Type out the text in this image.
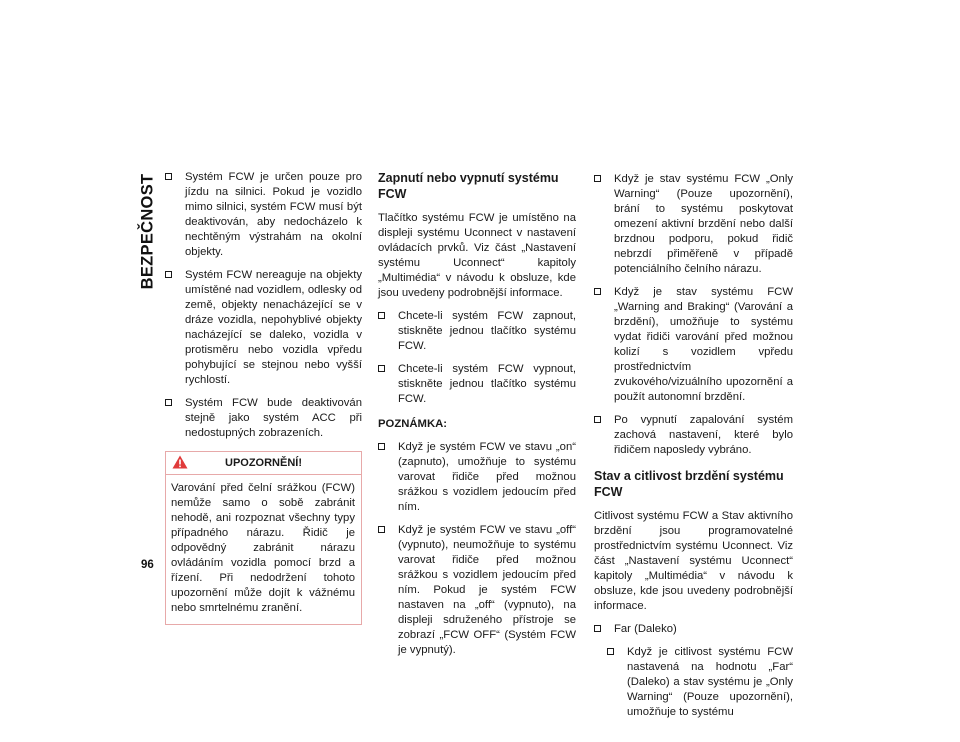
BEZPEČNOST
96
Systém FCW je určen pouze pro jízdu na silnici. Pokud je vozidlo mimo silnici, systém FCW musí být deaktivován, aby nedocházelo k nechtěným výstrahám na okolní objekty.
Systém FCW nereaguje na objekty umístěné nad vozidlem, odlesky od země, objekty nenacházející se v dráze vozidla, nepohyblivé objekty nacházející se daleko, vozidla v protisměru nebo vozidla vpředu pohybující se stejnou nebo vyšší rychlostí.
Systém FCW bude deaktivován stejně jako systém ACC při nedostupných zobrazeních.
UPOZORNĚNÍ!
Varování před čelní srážkou (FCW) nemůže samo o sobě zabránit nehodě, ani rozpoznat všechny typy případného nárazu. Řidič je odpovědný zabránit nárazu ovládáním vozidla pomocí brzd a řízení. Při nedodržení tohoto upozornění může dojít k vážnému nebo smrtelnému zranění.
Zapnutí nebo vypnutí systému FCW
Tlačítko systému FCW je umístěno na displeji systému Uconnect v nastavení ovládacích prvků. Viz část „Nastavení systému Uconnect“ kapitoly „Multimédia“ v návodu k obsluze, kde jsou uvedeny podrobnější informace.
Chcete-li systém FCW zapnout, stiskněte jednou tlačítko systému FCW.
Chcete-li systém FCW vypnout, stiskněte jednou tlačítko systému FCW.
POZNÁMKA:
Když je systém FCW ve stavu „on“ (zapnuto), umožňuje to systému varovat řidiče před možnou srážkou s vozidlem jedoucím před ním.
Když je systém FCW ve stavu „off“ (vypnuto), neumožňuje to systému varovat řidiče před možnou srážkou s vozidlem jedoucím před ním. Pokud je systém FCW nastaven na „off“ (vypnuto), na displeji sdruženého přístroje se zobrazí „FCW OFF“ (Systém FCW je vypnutý).
Když je stav systému FCW „Only Warning“ (Pouze upozornění), brání to systému poskytovat omezení aktivní brzdění nebo další brzdnou podporu, pokud řidič nebrzdí přiměřeně v případě potenciálního čelního nárazu.
Když je stav systému FCW „Warning and Braking“ (Varování a brzdění), umožňuje to systému vydat řidiči varování před možnou kolizí s vozidlem vpředu prostřednictvím zvukového/vizuálního upozornění a použít autonomní brzdění.
Po vypnutí zapalování systém zachová nastavení, které bylo řidičem naposledy vybráno.
Stav a citlivost brzdění systému FCW
Citlivost systému FCW a Stav aktivního brzdění jsou programovatelné prostřednictvím systému Uconnect. Viz část „Nastavení systému Uconnect“ kapitoly „Multimédia“ v návodu k obsluze, kde jsou uvedeny podrobnější informace.
Far (Daleko)
Když je citlivost systému FCW nastavená na hodnotu „Far“ (Daleko) a stav systému je „Only Warning“ (Pouze upozornění), umožňuje to systému
